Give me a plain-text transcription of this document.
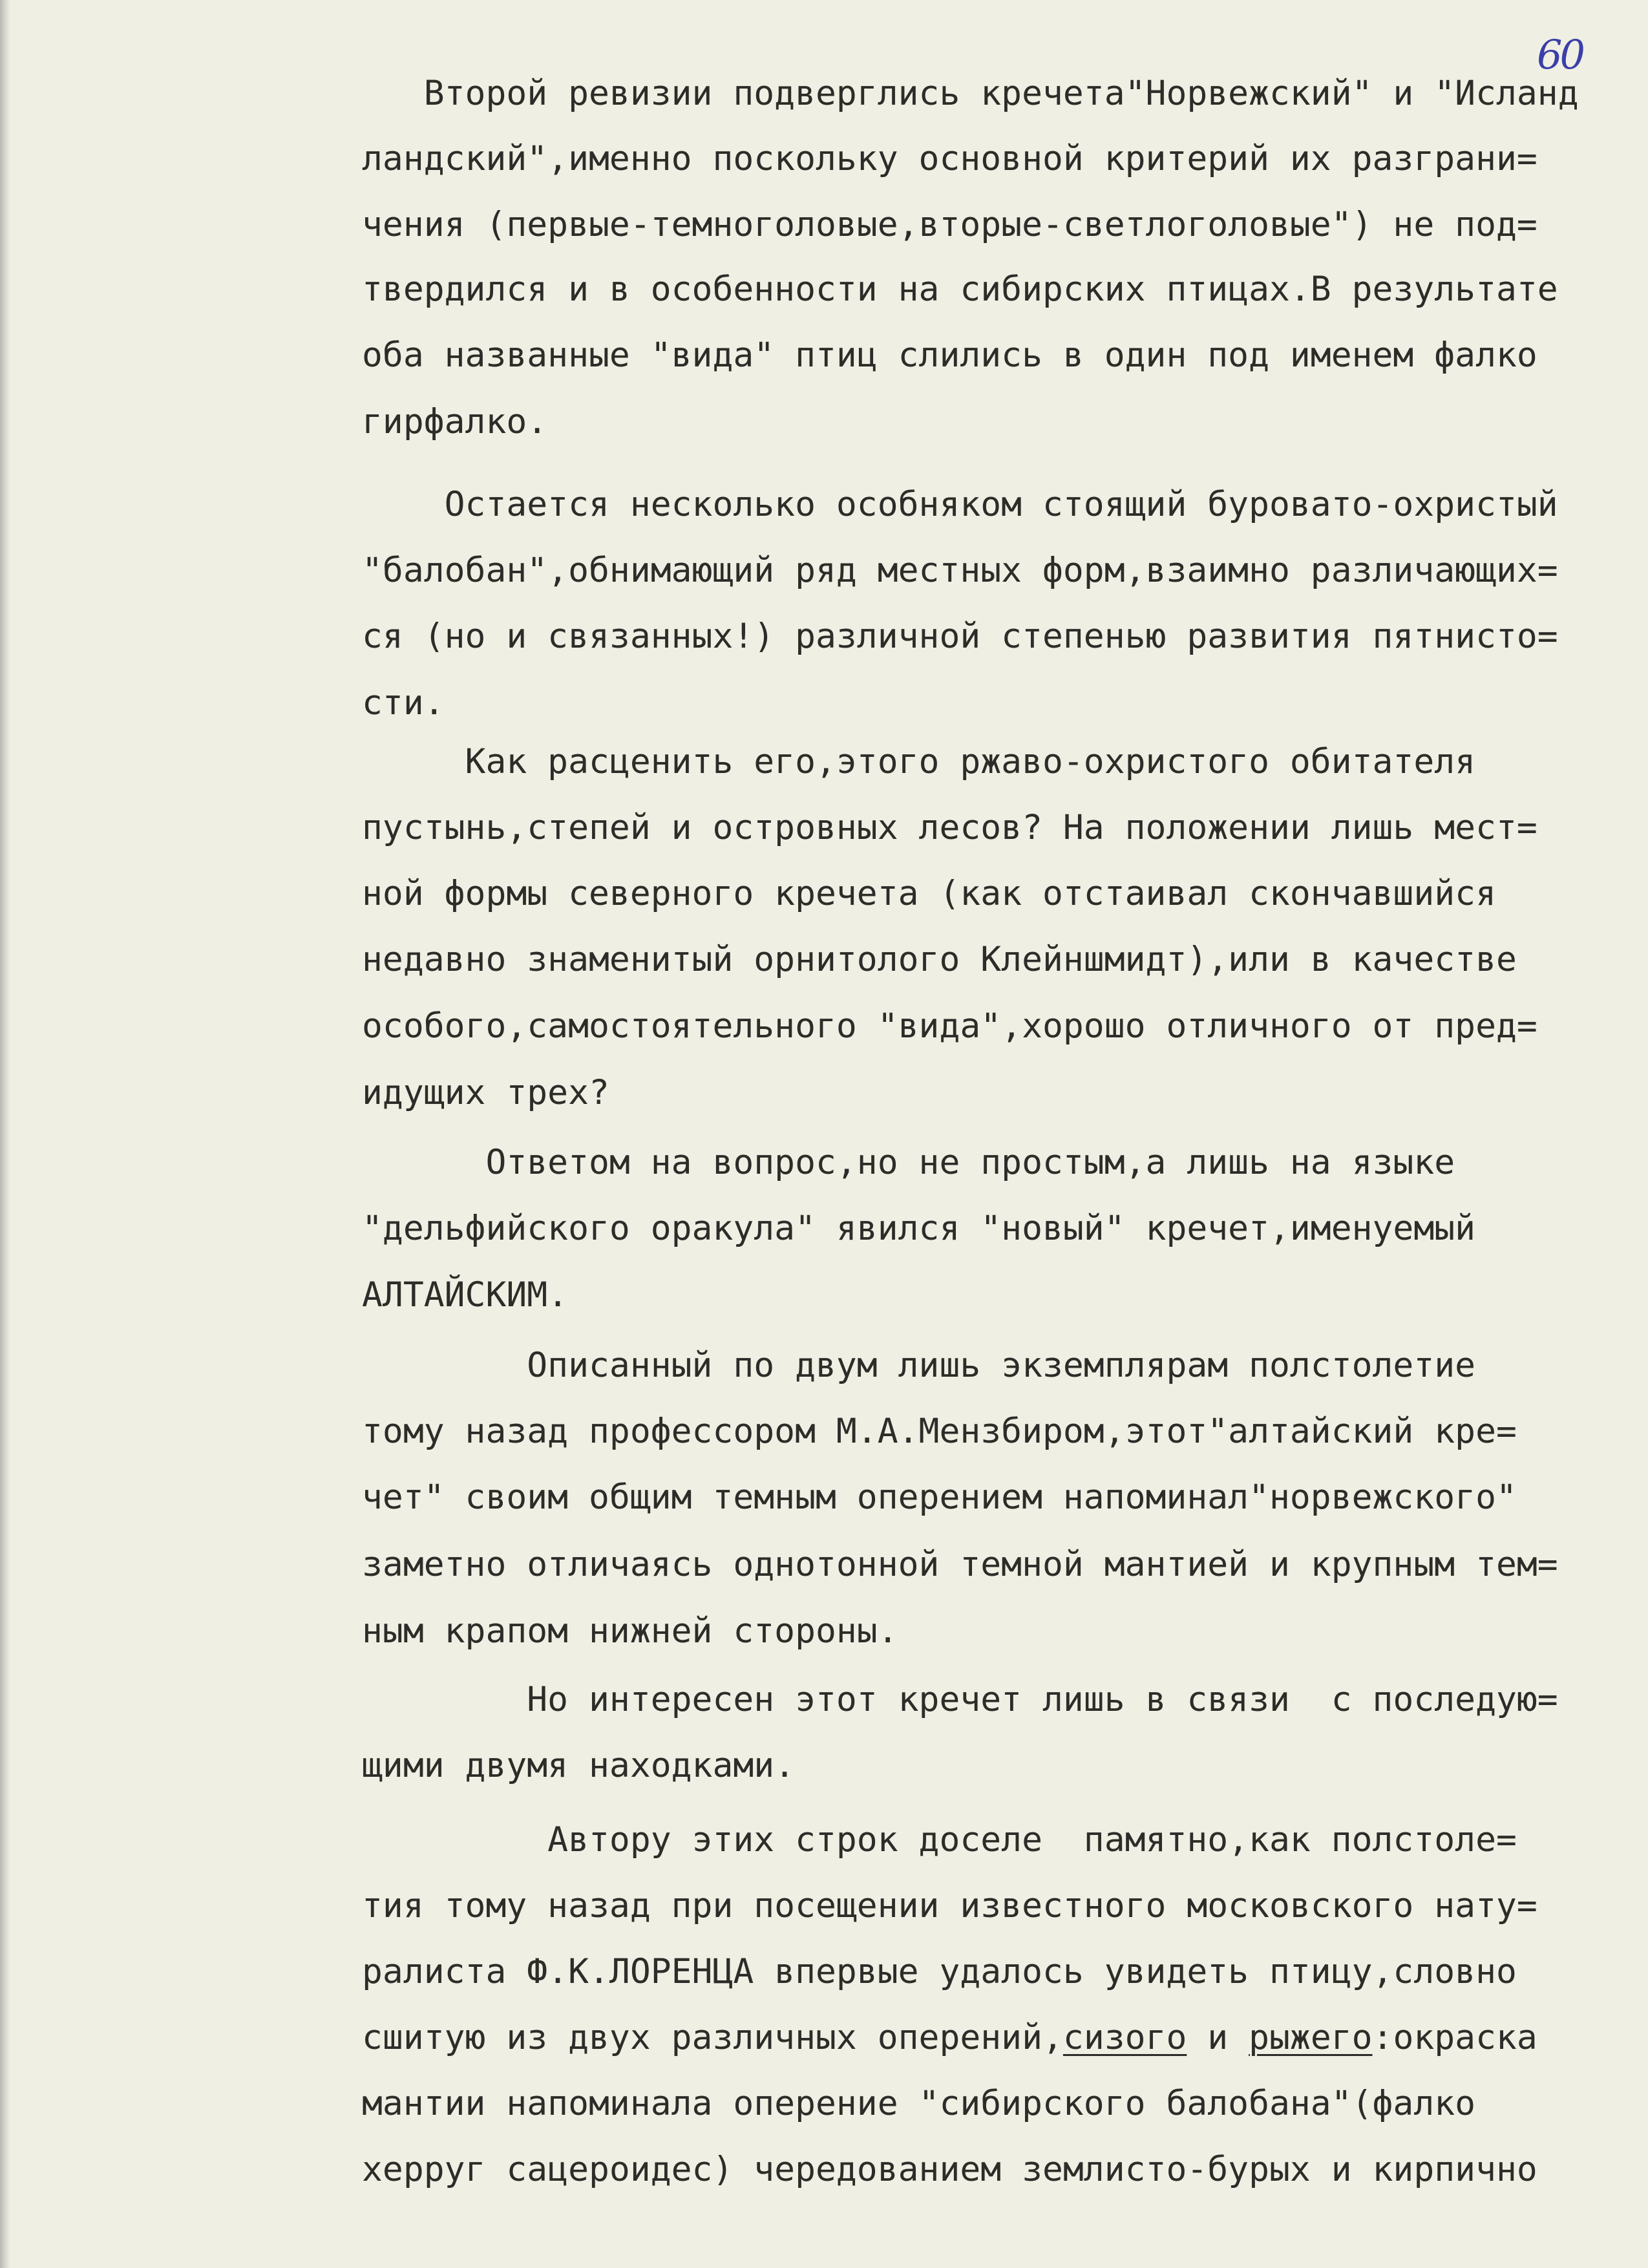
60
Второй ревизии подверглись кречета"Норвежский" и "Исланд
ландский",именно поскольку основной критерий их разграни=
чения (первые-темноголовые,вторые-светлоголовые") не под=
твердился и в особенности на сибирских птицах.В результате
оба названные "вида" птиц слились в один под именем фалко
гирфалко.
Остается несколько особняком стоящий буровато-охристый
"балобан",обнимающий ряд местных форм,взаимно различающих=
ся (но и связанных!) различной степенью развития пятнисто=
сти.
Как расценить его,этого ржаво-охристого обитателя
пустынь,степей и островных лесов? На положении лишь мест=
ной формы северного кречета (как отстаивал скончавшийся
недавно знаменитый орнитолого Клейншмидт),или в качестве
особого,самостоятельного "вида",хорошо отличного от пред=
идущих трех?
Ответом на вопрос,но не простым,а лишь на языке
"дельфийского оракула" явился "новый" кречет,именуемый
АЛТАЙСКИМ.
Описанный по двум лишь экземплярам полстолетие
тому назад профессором М.А.Мензбиром,этот"алтайский кре=
чет" своим общим темным оперением напоминал"норвежского"
заметно отличаясь однотонной темной мантией и крупным тем=
ным крапом нижней стороны.
Но интересен этот кречет лишь в связи  с последую=
щими двумя находками.
Автору этих строк доселе  памятно,как полстоле=
тия тому назад при посещении известного московского нату=
ралиста Ф.К.ЛОРЕНЦА впервые удалось увидеть птицу,словно
сшитую из двух различных оперений,сизого и рыжего:окраска
мантии напоминала оперение "сибирского балобана"(фалко
херруг сацероидес) чередованием землисто-бурых и кирпично
